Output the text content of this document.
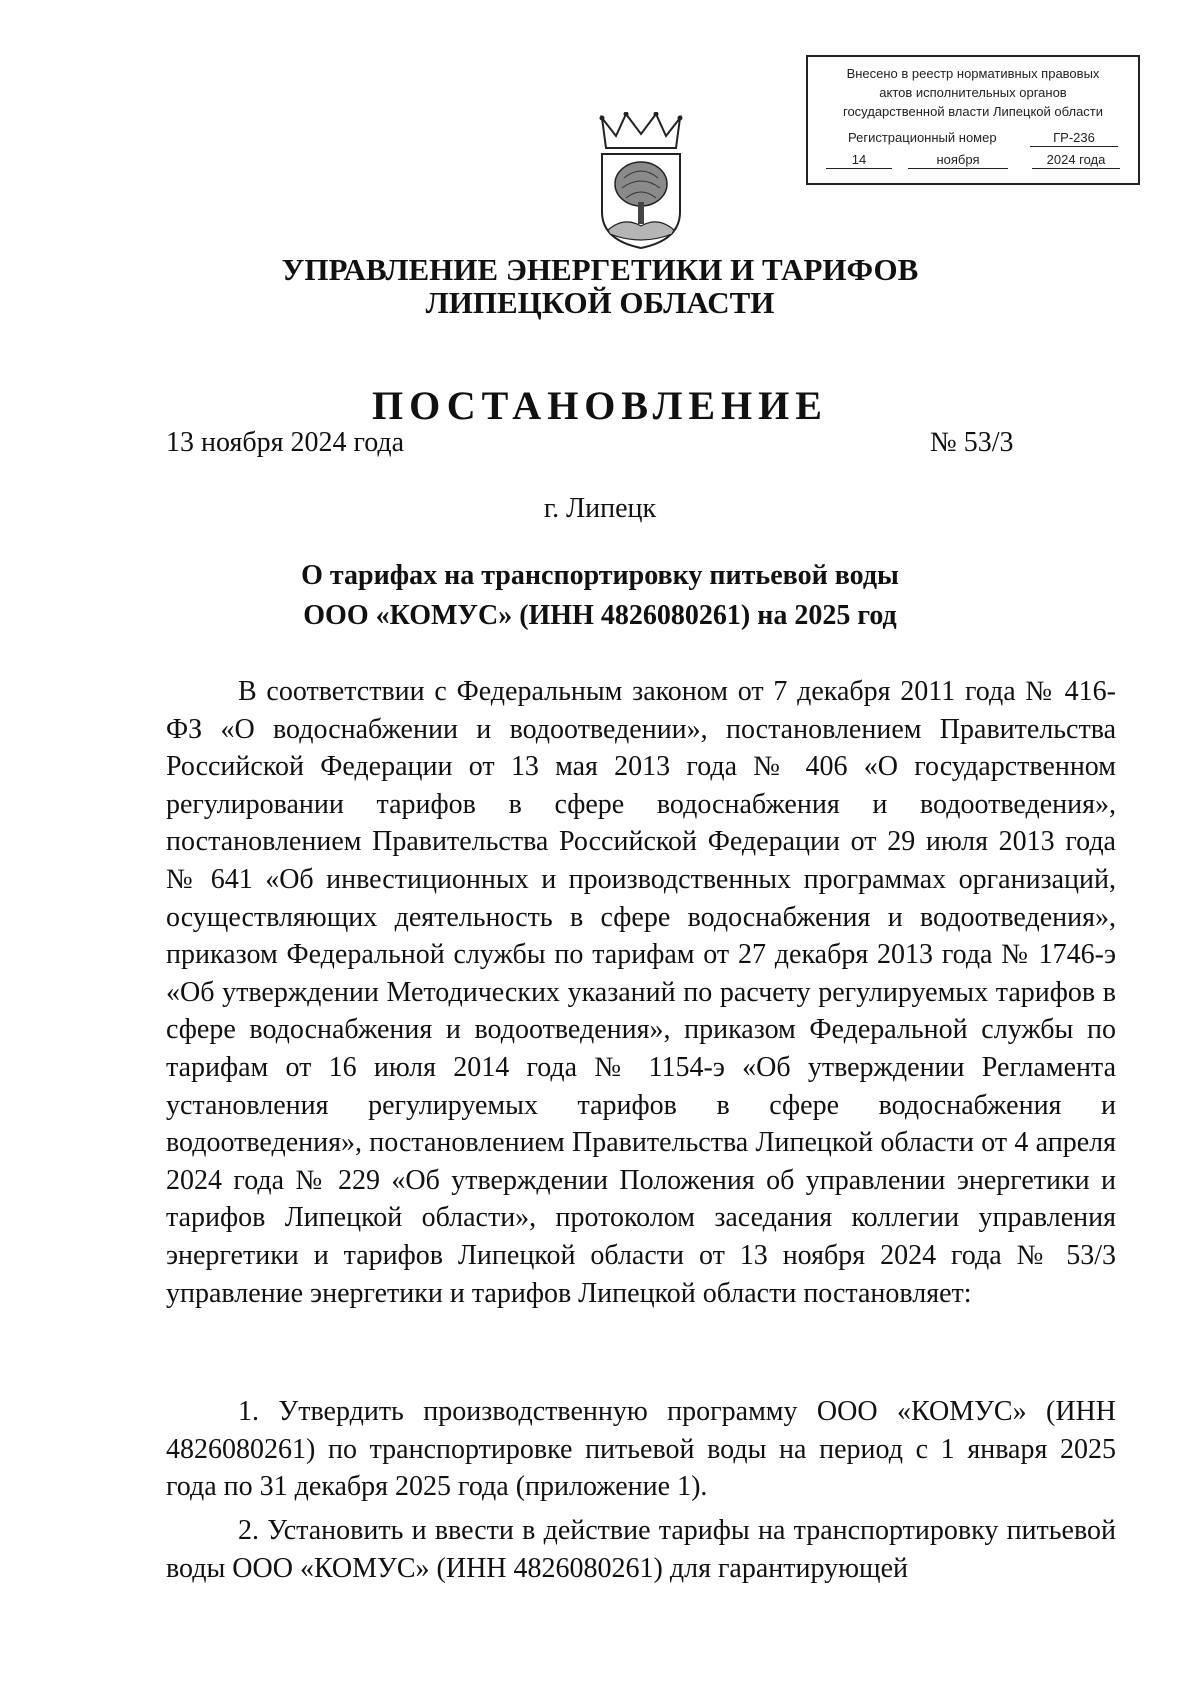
Внесено в реестр нормативных правовых
актов исполнительных органов
государственной власти Липецкой области
Регистрационный номер	ГР-236
14	ноября	2024 года
УПРАВЛЕНИЕ ЭНЕРГЕТИКИ И ТАРИФОВ
ЛИПЕЦКОЙ ОБЛАСТИ
ПОСТАНОВЛЕНИЕ
13 ноября 2024 года	№ 53/3
г. Липецк
О тарифах на транспортировку питьевой воды
ООО «КОМУС» (ИНН 4826080261) на 2025 год

В соответствии с Федеральным законом от 7 декабря 2011 года № 416-ФЗ «О водоснабжении и водоотведении», постановлением Правительства Российской Федерации от 13 мая 2013 года № 406 «О государственном регулировании тарифов в сфере водоснабжения и водоотведения», постановлением Правительства Российской Федерации от 29 июля 2013 года № 641 «Об инвестиционных и производственных программах организаций, осуществляющих деятельность в сфере водоснабжения и водоотведения», приказом Федеральной службы по тарифам от 27 декабря 2013 года № 1746-э «Об утверждении Методических указаний по расчету регулируемых тарифов в сфере водоснабжения и водоотведения», приказом Федеральной службы по тарифам от 16 июля 2014 года № 1154-э «Об утверждении Регламента установления регулируемых тарифов в сфере водоснабжения и водоотведения», постановлением Правительства Липецкой области от 4 апреля 2024 года № 229 «Об утверждении Положения об управлении энергетики и тарифов Липецкой области», протоколом заседания коллегии управления энергетики и тарифов Липецкой области от 13 ноября 2024 года № 53/3 управление энергетики и тарифов Липецкой области постановляет:

1. Утвердить производственную программу ООО «КОМУС» (ИНН 4826080261) по транспортировке питьевой воды на период с 1 января 2025 года по 31 декабря 2025 года (приложение 1).

2. Установить и ввести в действие тарифы на транспортировку питьевой воды ООО «КОМУС» (ИНН 4826080261) для гарантирующей
